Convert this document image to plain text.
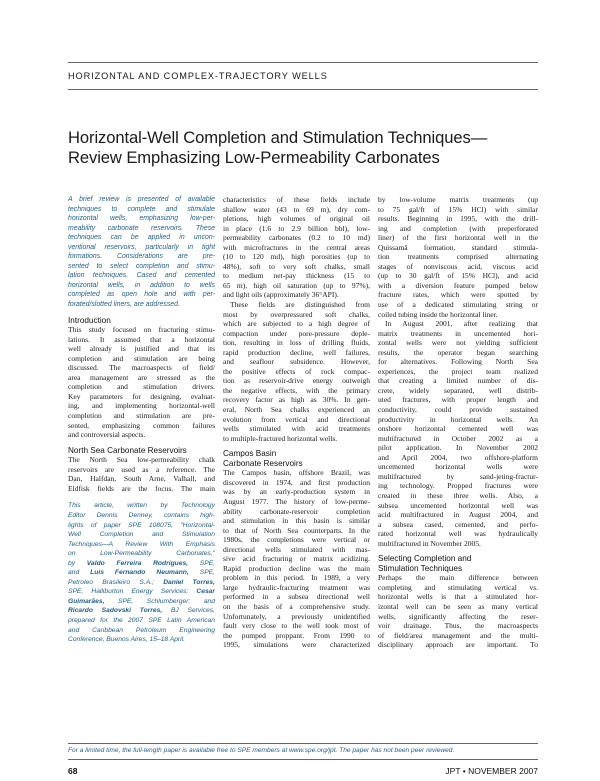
HORIZONTAL AND COMPLEX-TRAJECTORY WELLS
Horizontal-Well Completion and Stimulation Techniques—
Review Emphasizing Low-Permeability Carbonates
A brief review is presented of available
techniques to complete and stimulate
horizontal wells, emphasizing low-per-
meability carbonate reservoirs. These
techniques can be applied in uncon-
ventional reservoirs, particularly in tight
formations. Considerations are pre-
sented to select completion and stimu-
lation techniques. Cased and cemented
horizontal wells, in addition to wells
completed as open hole and with per-
forated/slotted liners, are addressed.
Introduction
This study focused on fracturing stimu-
lations. It assumed that a horizontal
well already is justified and that its
completion and stimulation are being
discussed. The macroaspects of field/
area management are stressed as the
completion and stimulation drivers.
Key parameters for designing, evaluat-
ing, and implementing horizontal-well
completion and stimulation are pre-
sented, emphasizing common failures
and controversial aspects.
North Sea Carbonate Reservoirs
The North Sea low-permeability chalk
reservoirs are used as a reference. The
Dan, Halfdan, South Arne, Valhall, and
Eldfisk fields are the focus. The main
This article, written by Technology
Editor Dennis Denney, contains high-
lights of paper SPE 108075, "Horizontal-
Well Completion and Stimulation
Techniques—A Review With Emphasis
on Low-Permeability Carbonates,"
by Valdo Ferreira Rodrigues, SPE,
and Luis Fernando Neumann, SPE,
Petroleo Brasileiro S.A.; Daniel Torres,
SPE, Halliburton Energy Services; Cesar
Guimarães, SPE, Schlumberger; and
Ricardo Sadovski Torres, BJ Services,
prepared for the 2007 SPE Latin American
and Caribbean Petroleum Engineering
Conference, Buenos Aires, 15–18 April.
characteristics of these fields include
shallow water (43 to 69 m), dry com-
pletions, high volumes of original oil
in place (1.6 to 2.9 billion bbl), low-
permeability carbonates (0.2 to 10 md)
with microfractures in the central areas
(10 to 120 md), high porosities (up to
48%), soft to very soft chalks, small
to medium net-pay thickness (15 to
65 m), high oil saturation (up to 97%),
and light oils (approximately 36°API).
These fields are distinguished from
most by overpressured soft chalks,
which are subjected to a high degree of
compaction under pore-pressure deple-
tion, resulting in loss of drilling fluids,
rapid production decline, well failures,
and seafloor subsidence. However,
the positive effects of rock compac-
tion as reservoir-drive energy outweigh
the negative effects, with the primary
recovery factor as high as 30%. In gen-
eral, North Sea chalks experienced an
evolution from vertical and directional
wells stimulated with acid treatments
to multiple-fractured horizontal wells.
Campos Basin
Carbonate Reservoirs
The Campos basin, offshore Brazil, was
discovered in 1974, and first production
was by an early-production system in
August 1977. The history of low-perme-
ability carbonate-reservoir completion
and stimulation in this basin is similar
to that of North Sea counterparts. In the
1980s, the completions were vertical or
directional wells stimulated with mas-
sive acid fracturing or matrix acidizing.
Rapid production decline was the main
problem in this period. In 1989, a very
large hydraulic-fracturing treatment was
performed in a subsea directional well
on the basis of a comprehensive study.
Unfortunately, a previously unidentified
fault very close to the well took most of
the pumped proppant. From 1990 to
1995, simulations were characterized
by low-volume matrix treatments (up
to 75 gal/ft of 15% HCl) with similar
results. Beginning in 1995, with the drill-
ing and completion (with preperforated
liner) of the first horizontal well in the
Quissamã formation, standard stimula-
tion treatments comprised alternating
stages of nonviscous acid, viscous acid
(up to 30 gal/ft of 15% HCl), and acid
with a diversion feature pumped below
fracture rates, which were spotted by
use of a dedicated stimulating string or
coiled tubing inside the horizontal liner.
In August 2001, after realizing that
matrix treatments in uncemented hori-
zontal wells were not yielding sufficient
results, the operator began searching
for alternatives. Following North Sea
experiences, the project team realized
that creating a limited number of dis-
crete, widely separated, well distrib-
uted fractures, with proper length and
conductivity, could provide sustained
productivity in horizontal wells. An
onshore horizontal cemented well was
multifractured in October 2002 as a
pilot application. In November 2002
and April 2004, two offshore-platform
uncemented horizontal wells were
multifractured by sand-jeting-fractur-
ing technology. Propped fractures were
created in these three wells. Also, a
subsea uncemented horizontal well was
acid multifractured in August 2004, and
a subsea cased, cemented, and perfo-
rated horizontal well was hydraulically
multifractured in November 2005.
Selecting Completion and
Stimulation Techniques
Perhaps the main difference between
completing and stimulating vertical vs.
horizontal wells is that a stimulated hor-
izontal well can be seen as many vertical
wells, significantly affecting the reser-
voir drainage. Thus, the macroaspects
of field/area management and the multi-
disciplinary approach are important. To
For a limited time, the full-length paper is available free to SPE members at www.spe.org/jpt. The paper has not been peer reviewed.
68	JPT • NOVEMBER 2007
